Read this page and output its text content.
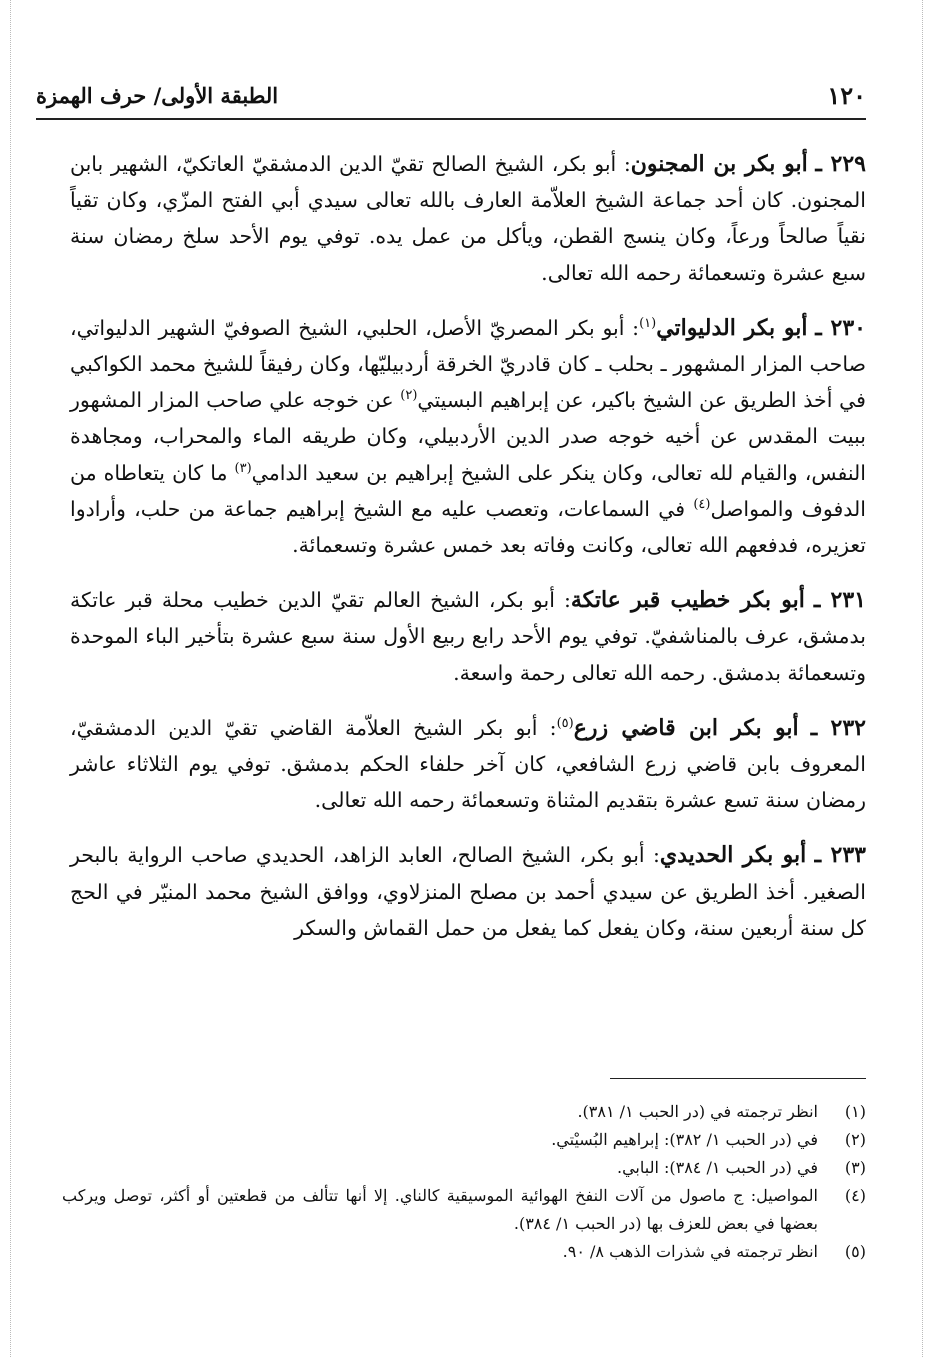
١٢٠
الطبقة الأولى/ حرف الهمزة

٢٢٩ ـ أبو بكر بن المجنون: أبو بكر، الشيخ الصالح تقيّ الدين الدمشقيّ العاتكيّ، الشهير بابن المجنون. كان أحد جماعة الشيخ العلاّمة العارف بالله تعالى سيدي أبي الفتح المزّي، وكان تقياً نقياً صالحاً ورعاً، وكان ينسج القطن، ويأكل من عمل يده. توفي يوم الأحد سلخ رمضان سنة سبع عشرة وتسعمائة رحمه الله تعالى.

٢٣٠ ـ أبو بكر الدليواتي$^{(١)}$: أبو بكر المصريّ الأصل، الحلبي، الشيخ الصوفيّ الشهير الدليواتي، صاحب المزار المشهور ـ بحلب ـ كان قادريّ الخرقة أردبيليّها، وكان رفيقاً للشيخ محمد الكواكبي في أخذ الطريق عن الشيخ باكير، عن إبراهيم البسيتي$^{(٢)}$ عن خوجه علي صاحب المزار المشهور ببيت المقدس عن أخيه خوجه صدر الدين الأردبيلي، وكان طريقه الماء والمحراب، ومجاهدة النفس، والقيام لله تعالى، وكان ينكر على الشيخ إبراهيم بن سعيد الدامي$^{(٣)}$ ما كان يتعاطاه من الدفوف والمواصل$^{(٤)}$ في السماعات، وتعصب عليه مع الشيخ إبراهيم جماعة من حلب، وأرادوا تعزيره، فدفعهم الله تعالى، وكانت وفاته بعد خمس عشرة وتسعمائة.

٢٣١ ـ أبو بكر خطيب قبر عاتكة: أبو بكر، الشيخ العالم تقيّ الدين خطيب محلة قبر عاتكة بدمشق، عرف بالمناشفيّ. توفي يوم الأحد رابع ربيع الأول سنة سبع عشرة بتأخير الباء الموحدة وتسعمائة بدمشق. رحمه الله تعالى رحمة واسعة.

٢٣٢ ـ أبو بكر ابن قاضي زرع$^{(٥)}$: أبو بكر الشيخ العلاّمة القاضي تقيّ الدين الدمشقيّ، المعروف بابن قاضي زرع الشافعي، كان آخر حلفاء الحكم بدمشق. توفي يوم الثلاثاء عاشر رمضان سنة تسع عشرة بتقديم المثناة وتسعمائة رحمه الله تعالى.

٢٣٣ ـ أبو بكر الحديدي: أبو بكر، الشيخ الصالح، العابد الزاهد، الحديدي صاحب الرواية بالبحر الصغير. أخذ الطريق عن سيدي أحمد بن مصلح المنزلاوي، ووافق الشيخ محمد المنيّر في الحج كل سنة أربعين سنة، وكان يفعل كما يفعل من حمل القماش والسكر

(١)
انظر ترجمته في (در الحبب ١/ ٣٨١).
(٢)
في (در الحبب ١/ ٣٨٢): إبراهيم البُسيْتي.
(٣)
في (در الحبب ١/ ٣٨٤): البابي.
(٤)
المواصيل: ج ماصول من آلات النفخ الهوائية الموسيقية كالناي. إلا أنها تتألف من قطعتين أو أكثر، توصل ويركب بعضها في بعض للعزف بها (در الحبب ١/ ٣٨٤).
(٥)
انظر ترجمته في شذرات الذهب ٨/ ٩٠.
